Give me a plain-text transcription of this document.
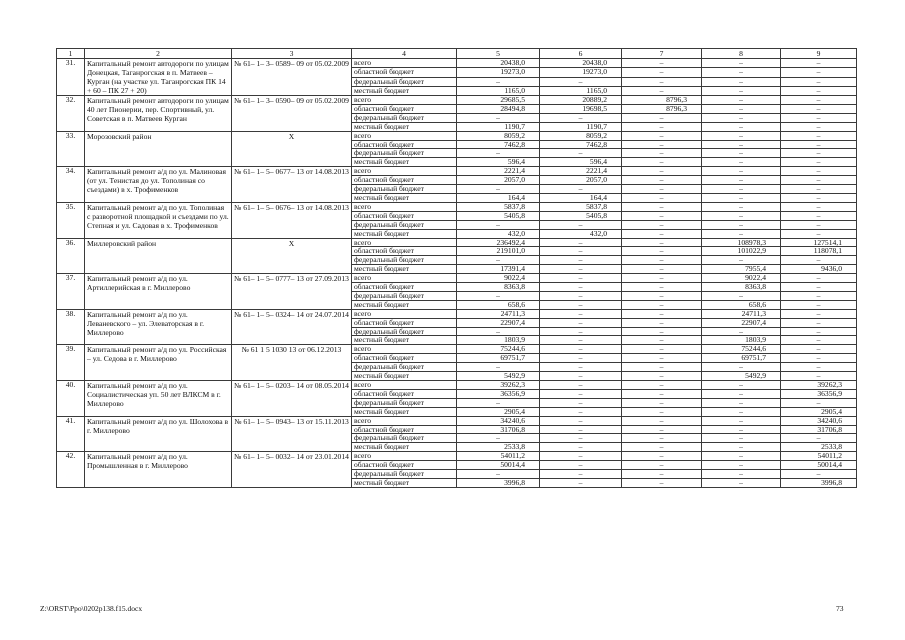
1	2	3	4	5	6	7	8	9
31.	Капитальный ремонт автодороги по улицам Донецкая, Таганрогская в п. Матвеев – Курган (на участке ул. Таганрогская ПК 14 + 60 – ПК 27 + 20)	№ 61– 1– 3– 0589– 09 от 05.02.2009	всего	20438,0	20438,0	–	–	–
			областной бюджет	19273,0	19273,0	–	–	–
			федеральный бюджет	–	–	–	–	–
			местный бюджет	1165,0	1165,0	–	–	–
32.	Капитальный ремонт автодороги по улицам 40 лет Пионерии, пер. Спортивный, ул. Советская в п. Матвеев Курган	№ 61– 1– 3– 0590– 09 от 05.02.2009	всего	29685,5	20889,2	8796,3	–	–
			областной бюджет	28494,8	19698,5	8796,3	–	–
			федеральный бюджет	–	–	–	–	–
			местный бюджет	1190,7	1190,7	–	–	–
33.	Морозовский район	Х	всего	8059,2	8059,2	–	–	–
			областной бюджет	7462,8	7462,8	–	–	–
			федеральный бюджет	–	–	–	–	–
			местный бюджет	596,4	596,4	–	–	–
34.	Капитальный ремонт а/д по ул. Малиновая (от ул. Тенистая до ул. Тополиная со съездами) в х. Трофименков	№ 61– 1– 5– 0677– 13 от 14.08.2013	всего	2221,4	2221,4	–	–	–
			областной бюджет	2057,0	2057,0	–	–	–
			федеральный бюджет	–	–	–	–	–
			местный бюджет	164,4	164,4	–	–	–
35.	Капитальный ремонт а/д по ул. Тополиная с разворотной площадкой и съездами по ул. Степная и ул. Садовая в х. Трофименков	№ 61– 1– 5– 0676– 13 от 14.08.2013	всего	5837,8	5837,8	–	–	–
			областной бюджет	5405,8	5405,8	–	–	–
			федеральный бюджет	–	–	–	–	–
			местный бюджет	432,0	432,0	–	–	–
36.	Миллеровский район	Х	всего	236492,4	–	–	108978,3	127514,1
			областной бюджет	219101,0	–	–	101022,9	118078,1
			федеральный бюджет	–	–	–	–	–
			местный бюджет	17391,4	–	–	7955,4	9436,0
37.	Капитальный ремонт а/д по ул. Артиллерийская в г. Миллерово	№ 61– 1– 5– 0777– 13 от 27.09.2013	всего	9022,4	–	–	9022,4	–
			областной бюджет	8363,8	–	–	8363,8	–
			федеральный бюджет	–	–	–	–	–
			местный бюджет	658,6	–	–	658,6	–
38.	Капитальный ремонт а/д по ул. Леваневского – ул. Элеваторская в г. Миллерово	№ 61– 1– 5– 0324– 14 от 24.07.2014	всего	24711,3	–	–	24711,3	–
			областной бюджет	22907,4	–	–	22907,4	–
			федеральный бюджет	–	–	–	–	–
			местный бюджет	1803,9	–	–	1803,9	–
39.	Капитальный ремонт а/д по ул. Российская – ул. Седова в г. Миллерово	№ 61 1 5 1030 13 от 06.12.2013	всего	75244,6	–	–	75244,6	–
			областной бюджет	69751,7	–	–	69751,7	–
			федеральный бюджет	–	–	–	–	–
			местный бюджет	5492,9	–	–	5492,9	–
40.	Капитальный ремонт а/д по ул. Социалистическая уп. 50 лет ВЛКСМ в г. Миллерово	№ 61– 1– 5– 0203– 14 от 08.05.2014	всего	39262,3	–	–	–	39262,3
			областной бюджет	36356,9	–	–	–	36356,9
			федеральный бюджет	–	–	–	–	–
			местный бюджет	2905,4	–	–	–	2905,4
41.	Капитальный ремонт а/д по ул. Шолохова в г. Миллерово	№ 61– 1– 5– 0943– 13 от 15.11.2013	всего	34240,6	–	–	–	34240,6
			областной бюджет	31706,8	–	–	–	31706,8
			федеральный бюджет	–	–	–	–	–
			местный бюджет	2533,8	–	–	–	2533,8
42.	Капитальный ремонт а/д по ул. Промышленная в г. Миллерово	№ 61– 1– 5– 0032– 14 от 23.01.2014	всего	54011,2	–	–	–	54011,2
			областной бюджет	50014,4	–	–	–	50014,4
			федеральный бюджет	–	–	–	–	–
			местный бюджет	3996,8	–	–	–	3996,8
Z:\ORST\Ppo\0202p138.f15.docx	73
